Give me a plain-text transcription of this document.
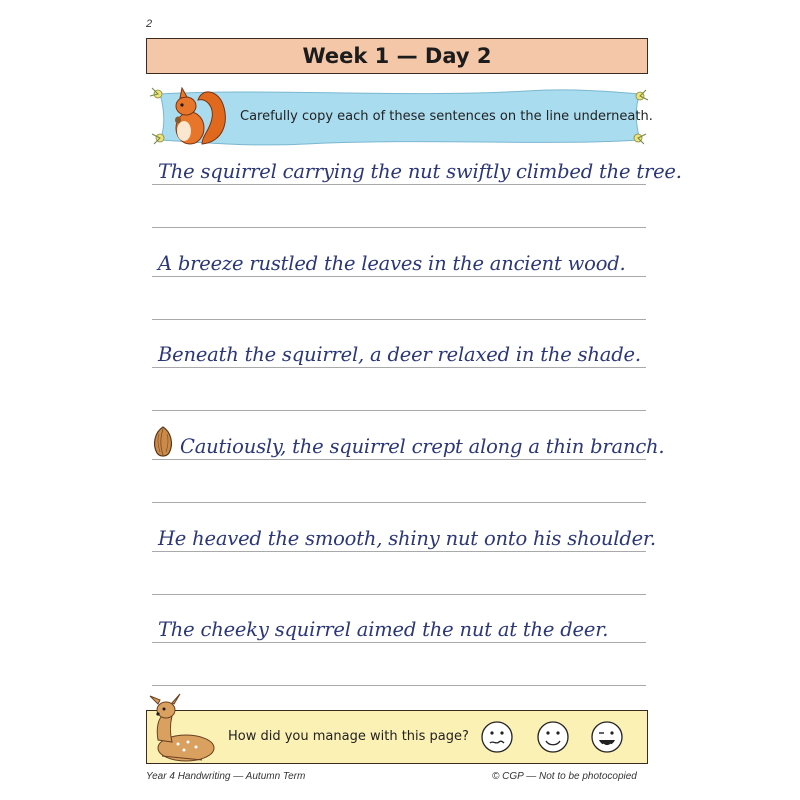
2
Week 1 — Day 2
Carefully copy each of these sentences on the line underneath.
The squirrel carrying the nut swiftly climbed the tree.
A breeze rustled the leaves in the ancient wood.
Beneath the squirrel, a deer relaxed in the shade.
Cautiously, the squirrel crept along a thin branch.
He heaved the smooth, shiny nut onto his shoulder.
The cheeky squirrel aimed the nut at the deer.
How did you manage with this page?
Year 4 Handwriting — Autumn Term	© CGP — Not to be photocopied
